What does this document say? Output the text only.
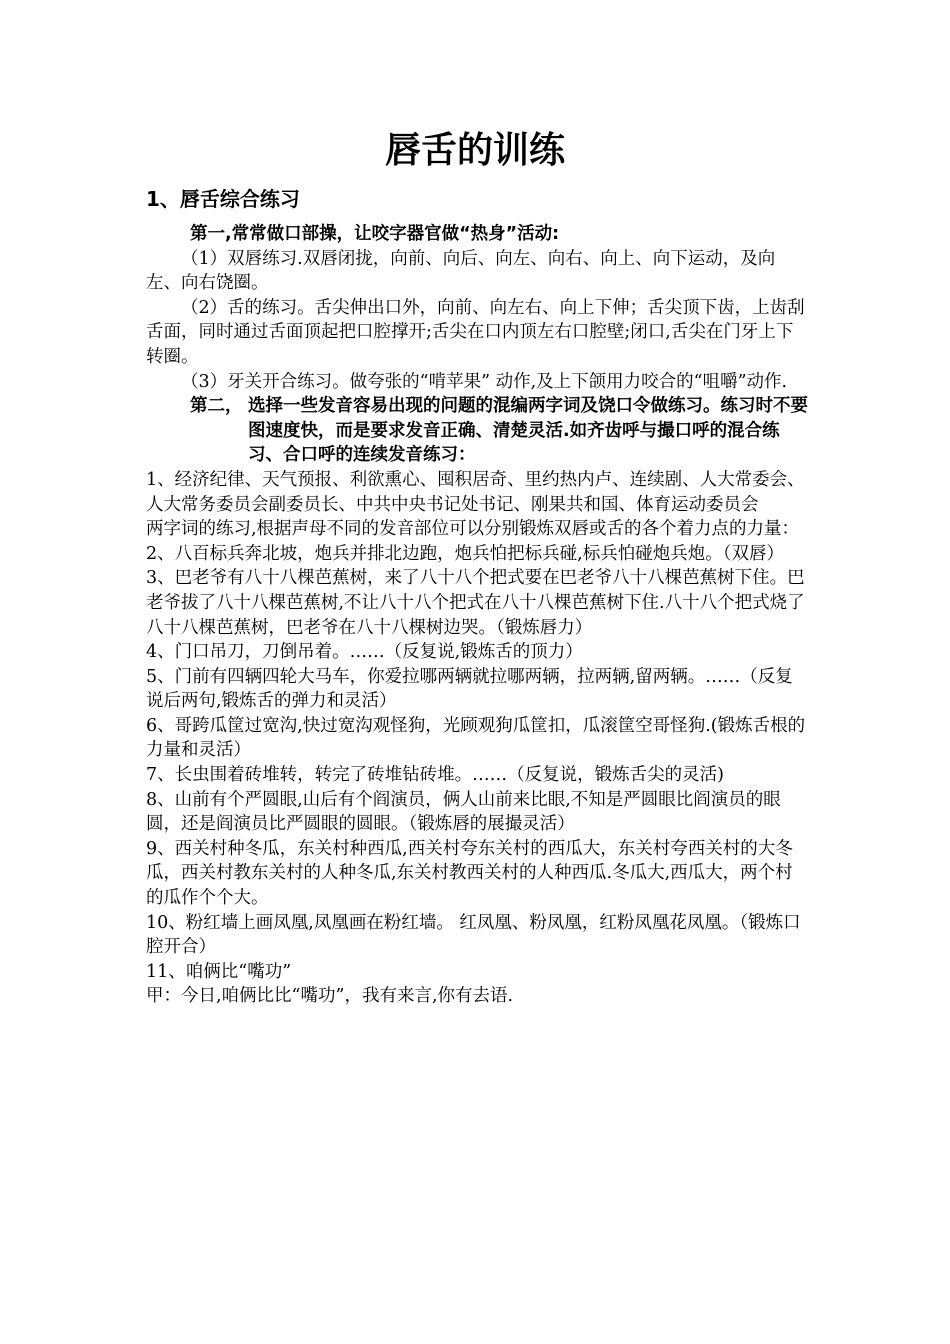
唇舌的训练
1、唇舌综合练习

第一,常常做口部操，让咬字器官做“热身”活动:

（1）双唇练习.双唇闭拢，向前、向后、向左、向右、向上、向下运动，及向左、向右饶圈。

（2）舌的练习。舌尖伸出口外，向前、向左右、向上下伸；舌尖顶下齿，上齿刮舌面，同时通过舌面顶起把口腔撑开;舌尖在口内顶左右口腔壁;闭口,舌尖在门牙上下转圈。

（3）牙关开合练习。做夸张的“啃苹果” 动作,及上下颌用力咬合的“咀嚼”动作.

第二， 选择一些发音容易出现的问题的混编两字词及饶口令做练习。练习时不要图速度快，而是要求发音正确、清楚灵活.如齐齿呼与撮口呼的混合练习、合口呼的连续发音练习：

1、经济纪律、天气预报、利欲熏心、囤积居奇、里约热内卢、连续剧、人大常委会、人大常务委员会副委员长、中共中央书记处书记、刚果共和国、体育运动委员会

两字词的练习,根据声母不同的发音部位可以分别锻炼双唇或舌的各个着力点的力量：

2、八百标兵奔北坡，炮兵并排北边跑，炮兵怕把标兵碰,标兵怕碰炮兵炮。（双唇）

3、巴老爷有八十八棵芭蕉树，来了八十八个把式要在巴老爷八十八棵芭蕉树下住。巴老爷拔了八十八棵芭蕉树,不让八十八个把式在八十八棵芭蕉树下住.八十八个把式烧了八十八棵芭蕉树，巴老爷在八十八棵树边哭。（锻炼唇力）

4、门口吊刀，刀倒吊着。……（反复说,锻炼舌的顶力）

5、门前有四辆四轮大马车，你爱拉哪两辆就拉哪两辆，拉两辆,留两辆。……（反复说后两句,锻炼舌的弹力和灵活）

6、哥跨瓜筐过宽沟,快过宽沟观怪狗，光顾观狗瓜筐扣，瓜滚筐空哥怪狗.(锻炼舌根的力量和灵活）

7、长虫围着砖堆转，转完了砖堆钻砖堆。……（反复说，锻炼舌尖的灵活)

8、山前有个严圆眼,山后有个阎演员，俩人山前来比眼,不知是严圆眼比阎演员的眼圆，还是阎演员比严圆眼的圆眼。（锻炼唇的展撮灵活）

9、西关村种冬瓜，东关村种西瓜,西关村夸东关村的西瓜大，东关村夸西关村的大冬瓜，西关村教东关村的人种冬瓜,东关村教西关村的人种西瓜.冬瓜大,西瓜大，两个村的瓜作个个大。

10、粉红墙上画凤凰,凤凰画在粉红墙。 红凤凰、粉凤凰，红粉凤凰花凤凰。（锻炼口腔开合）

11、咱俩比“嘴功”

甲：今日,咱俩比比“嘴功”，我有来言,你有去语.
